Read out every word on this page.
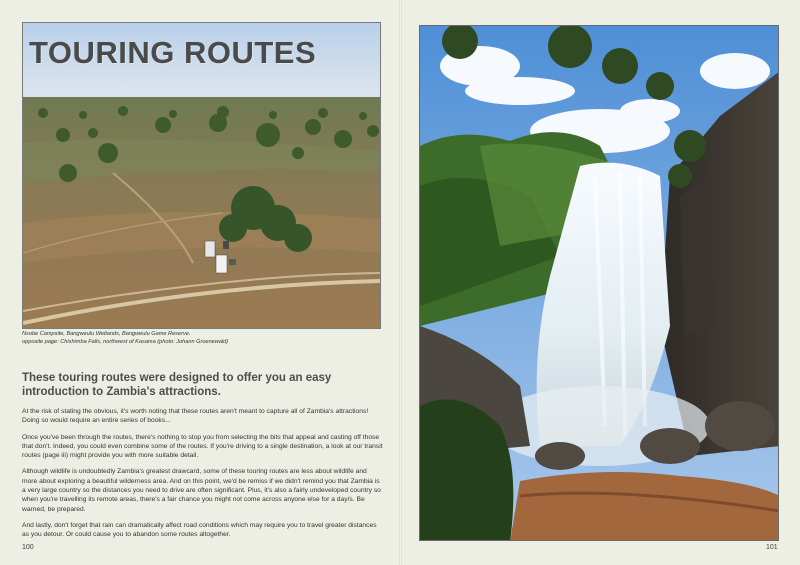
TOURING ROUTES
Nsobe Campsite, Bangweulu Wetlands, Bangweulu Game Reserve.
opposite page: Chishimba Falls, northwest of Kasama (photo: Johann Groenewald)
These touring routes were designed to offer you an easy introduction to Zambia's attractions.

At the risk of stating the obvious, it's worth noting that these routes aren't meant to capture all of Zambia's attractions! Doing so would require an entire series of books...

Once you've been through the routes, there's nothing to stop you from selecting the bits that appeal and casting off those that don't. Indeed, you could even combine some of the routes. If you're driving to a single destination, a look at our transit routes (page iii) might provide you with more suitable detail.

Although wildlife is undoubtedly Zambia's greatest drawcard, some of these touring routes are less about wildlife and more about exploring a beautiful wilderness area. And on this point, we'd be remiss if we didn't remind you that Zambia is a very large country so the distances you need to drive are often significant. Plus, it's also a fairly undeveloped country so when you're travelling its remote areas, there's a fair chance you might not come across anyone else for a day/s. Be warned, be prepared.

And lastly, don't forget that rain can dramatically affect road conditions which may require you to travel greater distances as you detour. Or could cause you to abandon some routes altogether.

100	101
